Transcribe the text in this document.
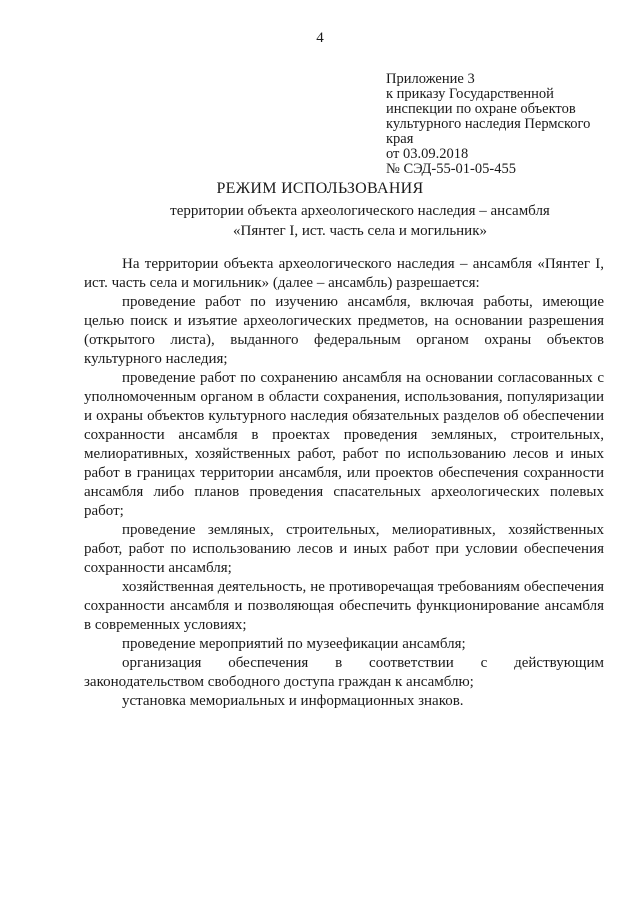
4
Приложение 3
к приказу Государственной
инспекции по охране объектов
культурного наследия Пермского
края
от 03.09.2018
№ СЭД-55-01-05-455
РЕЖИМ ИСПОЛЬЗОВАНИЯ
территории объекта археологического наследия – ансамбля «Пянтег I, ист. часть села и могильник»

На территории объекта археологического наследия – ансамбля «Пянтег I, ист. часть села и могильник» (далее – ансамбль) разрешается:

проведение работ по изучению ансамбля, включая работы, имеющие целью поиск и изъятие археологических предметов, на основании разрешения (открытого листа), выданного федеральным органом охраны объектов культурного наследия;

проведение работ по сохранению ансамбля на основании согласованных с уполномоченным органом в области сохранения, использования, популяризации и охраны объектов культурного наследия обязательных разделов об обеспечении сохранности ансамбля в проектах проведения земляных, строительных, мелиоративных, хозяйственных работ, работ по использованию лесов и иных работ в границах территории ансамбля, или проектов обеспечения сохранности ансамбля либо планов проведения спасательных археологических полевых работ;

проведение земляных, строительных, мелиоративных, хозяйственных работ, работ по использованию лесов и иных работ при условии обеспечения сохранности ансамбля;

хозяйственная деятельность, не противоречащая требованиям обеспечения сохранности ансамбля и позволяющая обеспечить функционирование ансамбля в современных условиях;

проведение мероприятий по музеефикации ансамбля;

организация обеспечения в соответствии с действующим законодательством свободного доступа граждан к ансамблю;

установка мемориальных и информационных знаков.
